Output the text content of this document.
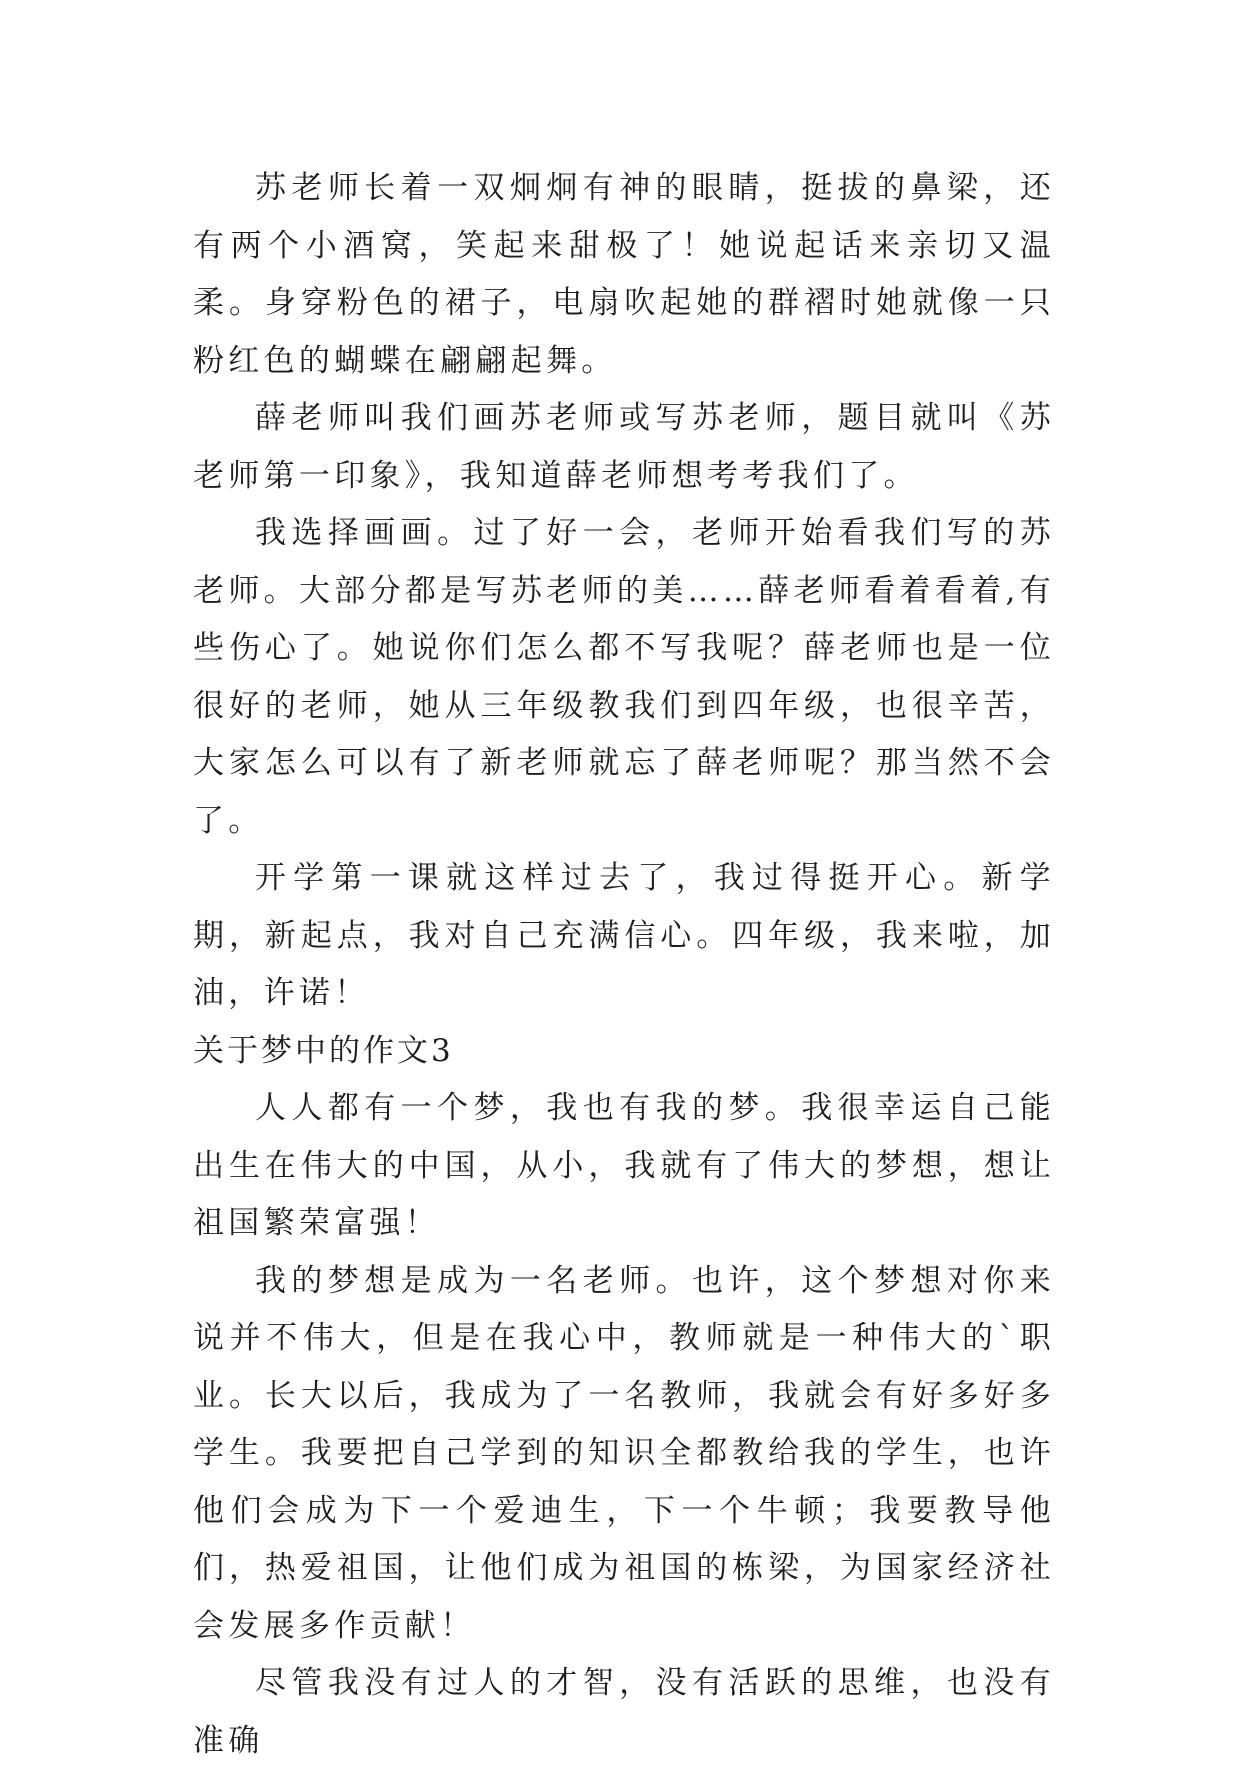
苏老师长着一双炯炯有神的眼睛，挺拔的鼻梁，还有两个小酒窝，笑起来甜极了！她说起话来亲切又温柔。身穿粉色的裙子，电扇吹起她的群褶时她就像一只粉红色的蝴蝶在翩翩起舞。

薛老师叫我们画苏老师或写苏老师，题目就叫《苏老师第一印象》，我知道薛老师想考考我们了。

我选择画画。过了好一会，老师开始看我们写的苏老师。大部分都是写苏老师的美……薛老师看着看着,有些伤心了。她说你们怎么都不写我呢？薛老师也是一位很好的老师，她从三年级教我们到四年级，也很辛苦，大家怎么可以有了新老师就忘了薛老师呢？那当然不会了。

开学第一课就这样过去了，我过得挺开心。新学期，新起点，我对自己充满信心。四年级，我来啦，加油，许诺！

关于梦中的作文3

人人都有一个梦，我也有我的梦。我很幸运自己能出生在伟大的中国，从小，我就有了伟大的梦想，想让祖国繁荣富强！

我的梦想是成为一名老师。也许，这个梦想对你来说并不伟大，但是在我心中，教师就是一种伟大的`职业。长大以后，我成为了一名教师，我就会有好多好多学生。我要把自己学到的知识全都教给我的学生，也许他们会成为下一个爱迪生，下一个牛顿；我要教导他们，热爱祖国，让他们成为祖国的栋梁，为国家经济社会发展多作贡献！

尽管我没有过人的才智，没有活跃的思维，也没有准确
